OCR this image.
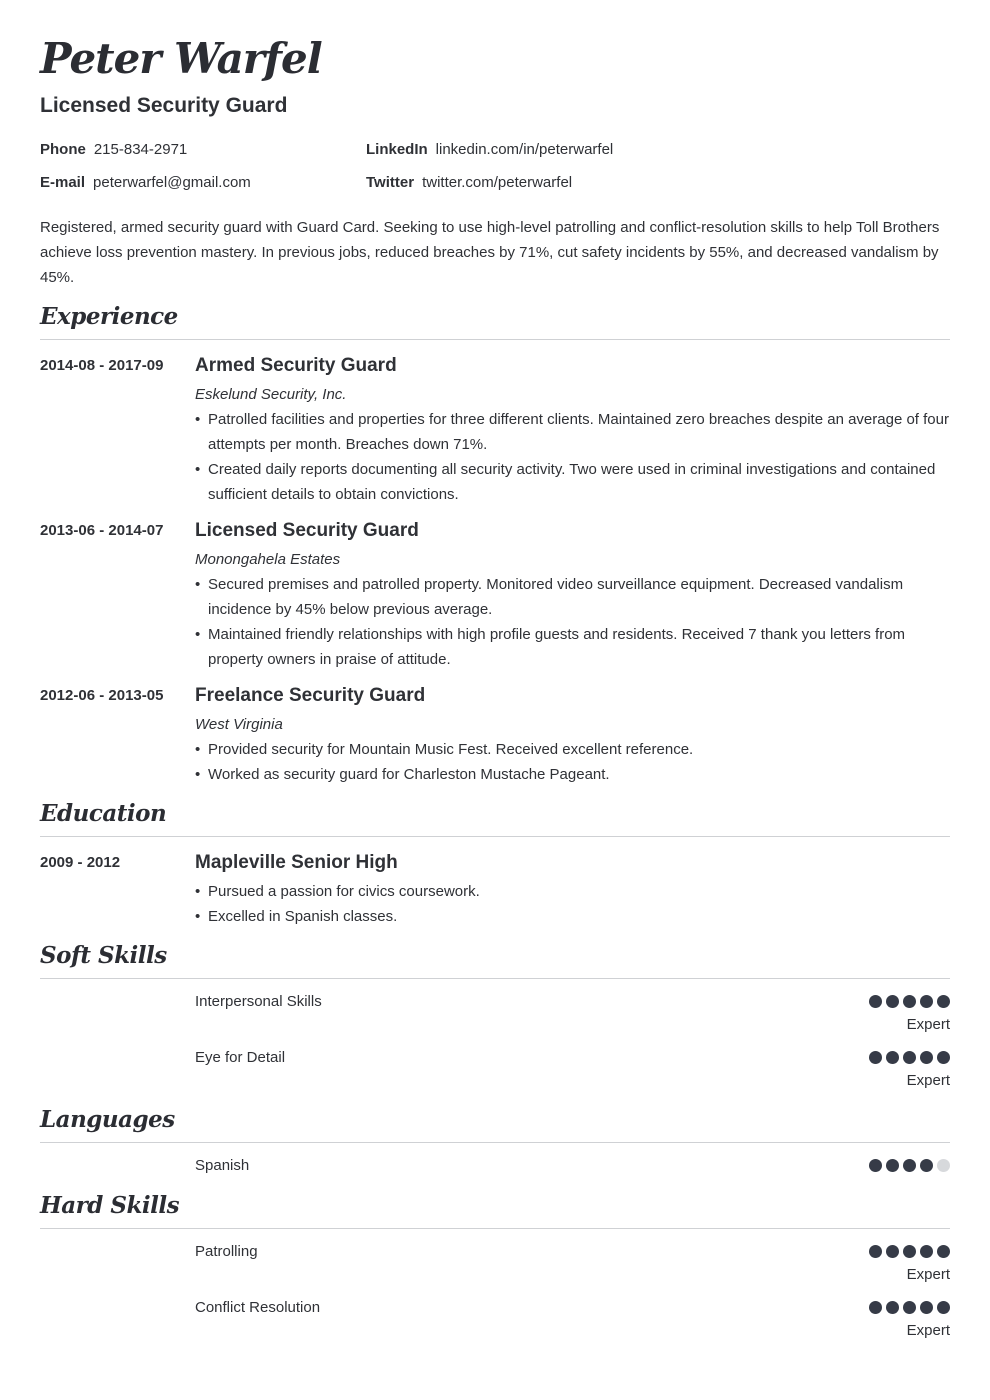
Peter Warfel
Licensed Security Guard
Phone 215-834-2971	LinkedIn linkedin.com/in/peterwarfel
E-mail peterwarfel@gmail.com	Twitter twitter.com/peterwarfel

Registered, armed security guard with Guard Card. Seeking to use high-level patrolling and conflict-resolution skills to help Toll Brothers achieve loss prevention mastery. In previous jobs, reduced breaches by 71%, cut safety incidents by 55%, and decreased vandalism by 45%.

Experience
2014-08 - 2017-09 Armed Security Guard
Eskelund Security, Inc.
• Patrolled facilities and properties for three different clients. Maintained zero breaches despite an average of four attempts per month. Breaches down 71%.
• Created daily reports documenting all security activity. Two were used in criminal investigations and contained sufficient details to obtain convictions.
2013-06 - 2014-07 Licensed Security Guard
Monongahela Estates
• Secured premises and patrolled property. Monitored video surveillance equipment. Decreased vandalism incidence by 45% below previous average.
• Maintained friendly relationships with high profile guests and residents. Received 7 thank you letters from property owners in praise of attitude.
2012-06 - 2013-05 Freelance Security Guard
West Virginia
• Provided security for Mountain Music Fest. Received excellent reference.
• Worked as security guard for Charleston Mustache Pageant.
Education
2009 - 2012	Mapleville Senior High
• Pursued a passion for civics coursework.
• Excelled in Spanish classes.
Soft Skills
Interpersonal Skills
Expert
Eye for Detail
Expert
Languages
Spanish
Hard Skills
Patrolling
Expert
Conflict Resolution
Expert
